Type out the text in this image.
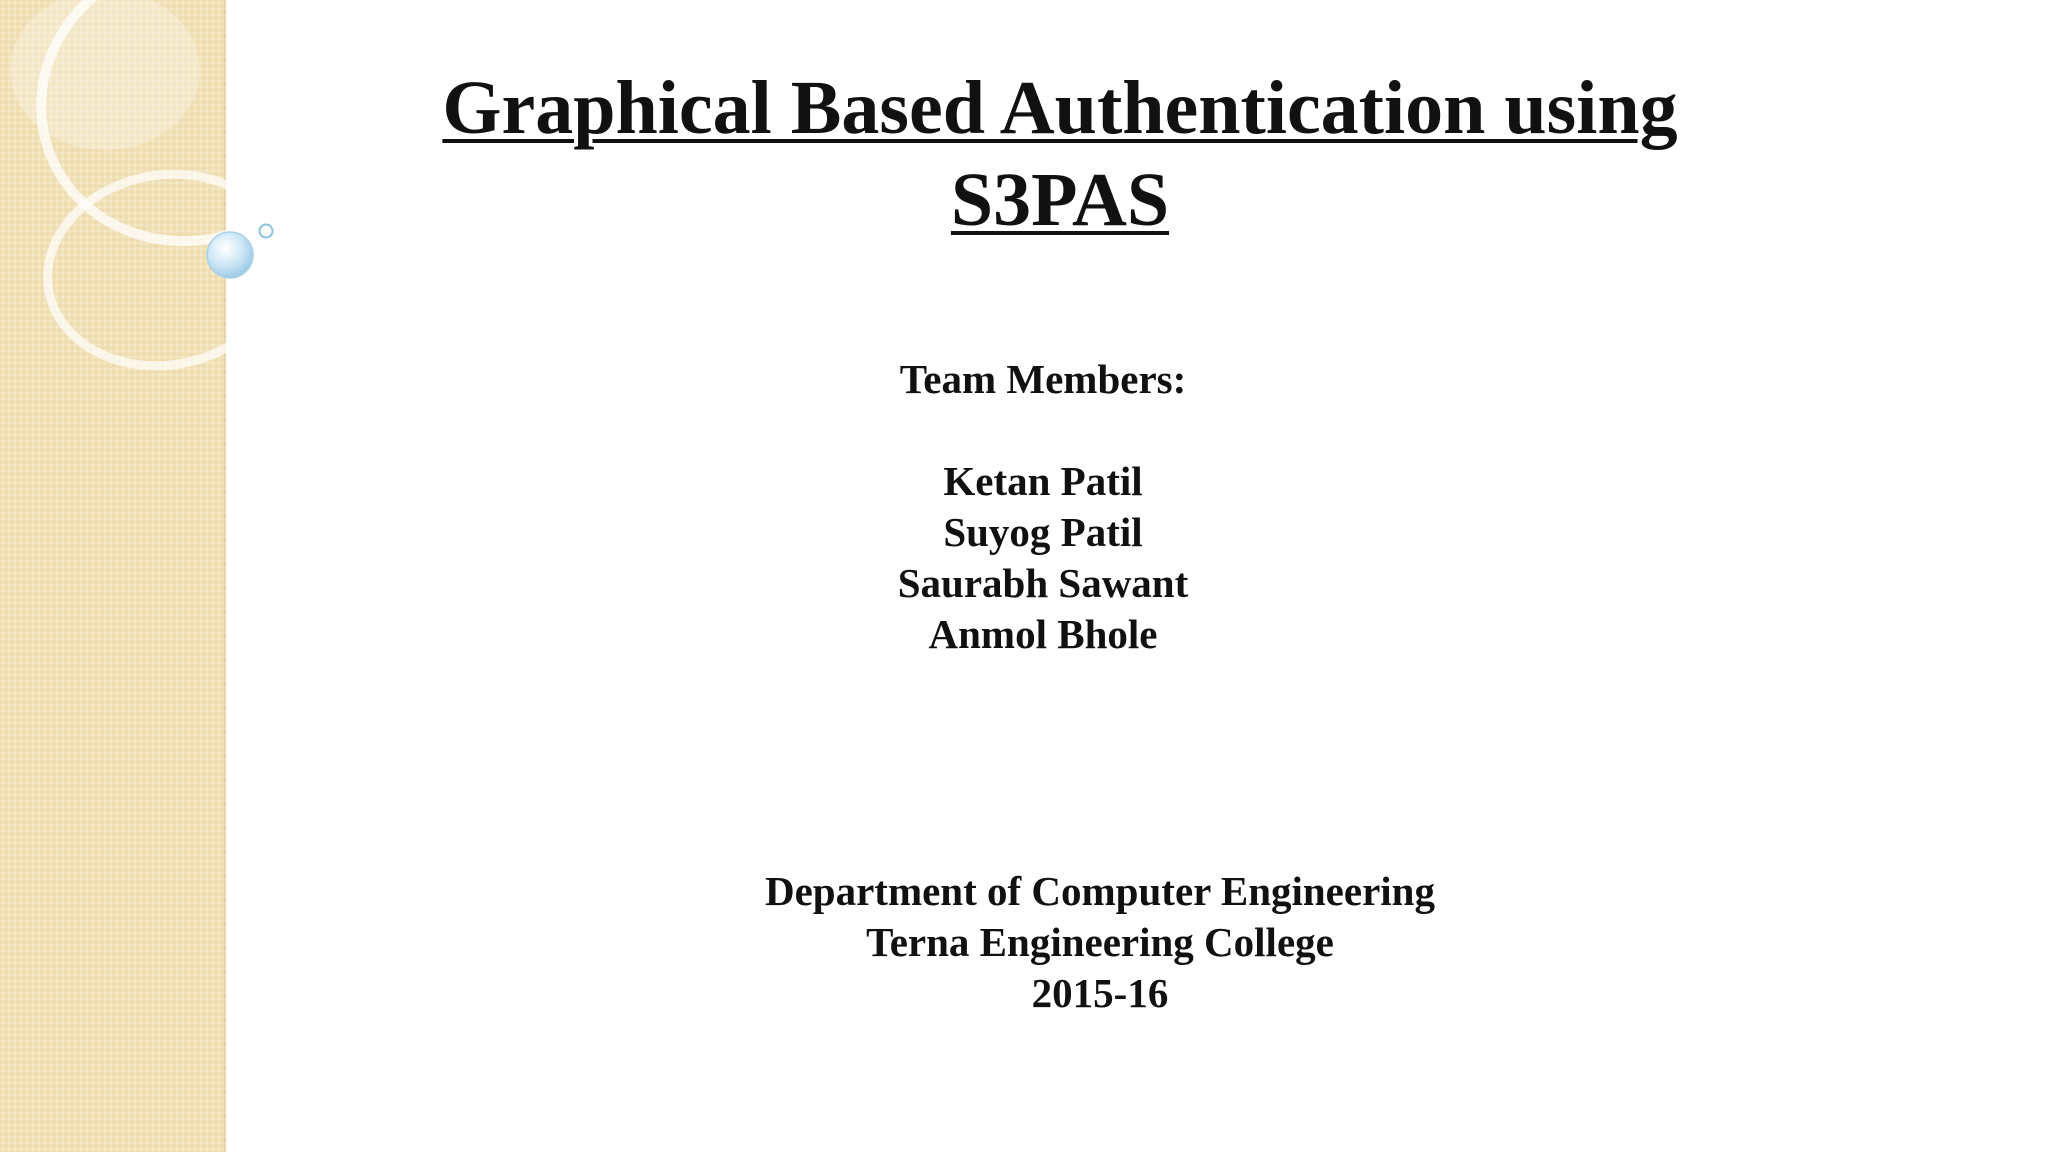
Graphical Based Authentication using
S3PAS
Team Members:
Ketan Patil
Suyog Patil
Saurabh Sawant
Anmol Bhole
Department of Computer Engineering
Terna Engineering College
2015-16
